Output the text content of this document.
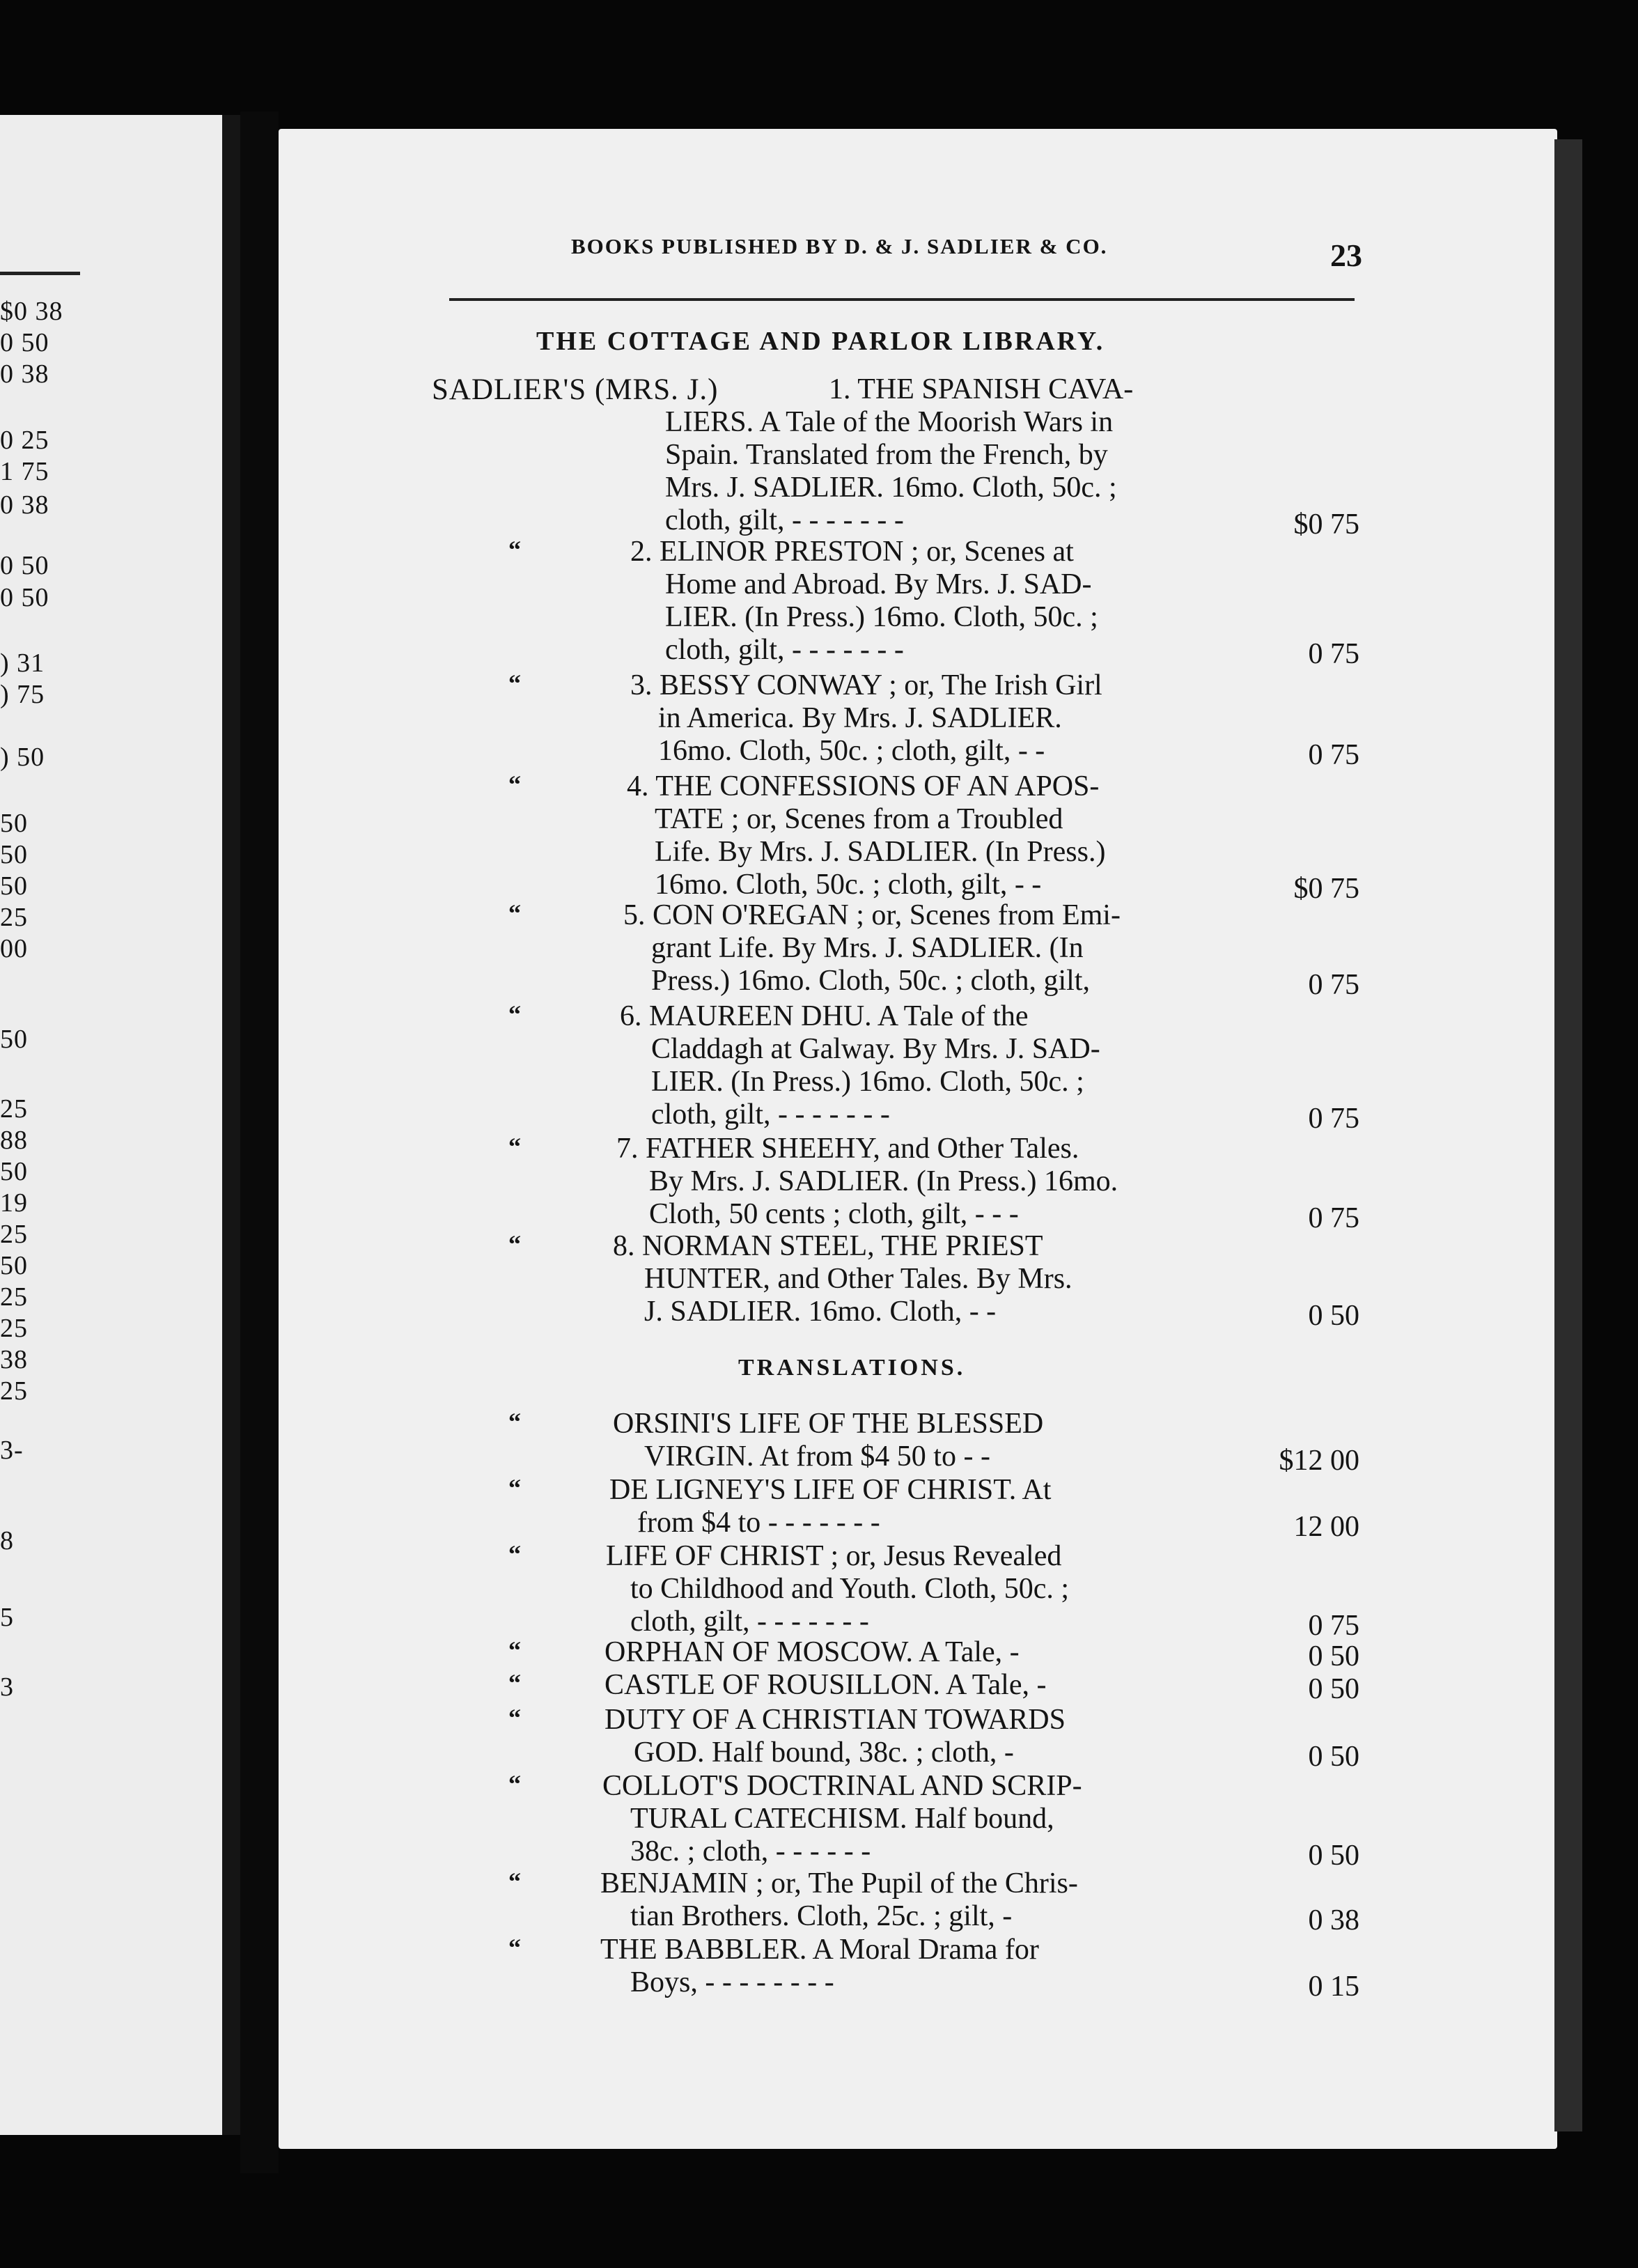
$0 38
0 50
0 38
0 25
1 75
0 38
0 50
0 50
) 31
) 75
) 50
50
50
50
25
00
50
25
88
50
19
25
50
25
25
38
25
3-
8
5
3
BOOKS PUBLISHED BY D. & J. SADLIER & CO.	23
THE COTTAGE AND PARLOR LIBRARY.
SADLIER'S (MRS. J.)	1. THE SPANISH CAVA-
LIERS. A Tale of the Moorish Wars in
Spain. Translated from the French, by
Mrs. J. SADLIER. 16mo. Cloth, 50c. ;
cloth, gilt, - - - - - - -	$0 75
“	2. ELINOR PRESTON ; or, Scenes at
Home and Abroad. By Mrs. J. SAD-
LIER. (In Press.) 16mo. Cloth, 50c. ;
cloth, gilt, - - - - - - -	0 75
“	3. BESSY CONWAY ; or, The Irish Girl
in America. By Mrs. J. SADLIER.
16mo. Cloth, 50c. ; cloth, gilt, - -	0 75
“	4. THE CONFESSIONS OF AN APOS-
TATE ; or, Scenes from a Troubled
Life. By Mrs. J. SADLIER. (In Press.)
16mo. Cloth, 50c. ; cloth, gilt, - -	$0 75
“	5. CON O'REGAN ; or, Scenes from Emi-
grant Life. By Mrs. J. SADLIER. (In
Press.) 16mo. Cloth, 50c. ; cloth, gilt,	0 75
“	6. MAUREEN DHU. A Tale of the
Claddagh at Galway. By Mrs. J. SAD-
LIER. (In Press.) 16mo. Cloth, 50c. ;
cloth, gilt, - - - - - - -	0 75
“	7. FATHER SHEEHY, and Other Tales.
By Mrs. J. SADLIER. (In Press.) 16mo.
Cloth, 50 cents ; cloth, gilt, - - -	0 75
“	8. NORMAN STEEL, THE PRIEST
HUNTER, and Other Tales. By Mrs.
J. SADLIER. 16mo. Cloth, - -	0 50
TRANSLATIONS.
“	ORSINI'S LIFE OF THE BLESSED
VIRGIN. At from $4 50 to - -	$12 00
“	DE LIGNEY'S LIFE OF CHRIST. At
from $4 to - - - - - - -	12 00
“	LIFE OF CHRIST ; or, Jesus Revealed
to Childhood and Youth. Cloth, 50c. ;
cloth, gilt, - - - - - - -	0 75
“	ORPHAN OF MOSCOW. A Tale, -	0 50
“	CASTLE OF ROUSILLON. A Tale, -	0 50
“	DUTY OF A CHRISTIAN TOWARDS
GOD. Half bound, 38c. ; cloth, -	0 50
“	COLLOT'S DOCTRINAL AND SCRIP-
TURAL CATECHISM. Half bound,
38c. ; cloth, - - - - - -	0 50
“	BENJAMIN ; or, The Pupil of the Chris-
tian Brothers. Cloth, 25c. ; gilt, -	0 38
“	THE BABBLER. A Moral Drama for
Boys, - - - - - - - -	0 15
